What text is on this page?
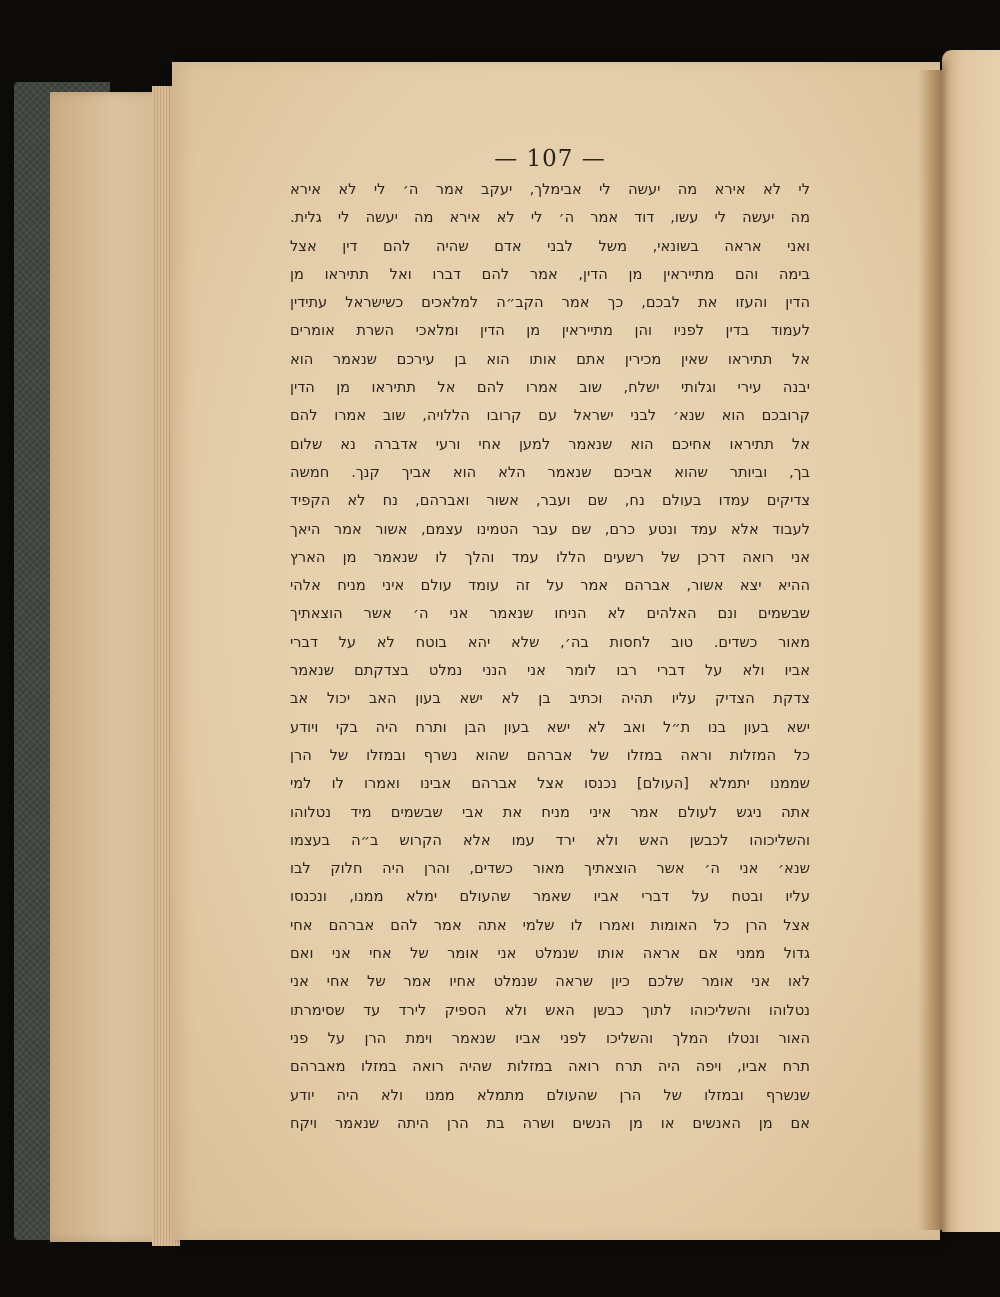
— 107 —
לי לא אירא מה יעשה לי אבימלך, יעקב אמר ה׳ לי לא אירא
מה יעשה לי עשו, דוד אמר ה׳ לי לא אירא מה יעשה לי גלית.
ואני אראה בשונאי, משל לבני אדם שהיה להם דין אצל
בימה והם מתייראין מן הדין, אמר להם דברו ואל תתיראו מן
הדין והעזו את לבכם, כך אמר הקב״ה למלאכים כשישראל עתידין
לעמוד בדין לפניו והן מתייראין מן הדין ומלאכי השרת אומרים
אל תתיראו שאין מכירין אתם אותו הוא בן עירכם שנאמר הוא
יבנה עירי וגלותי ישלח, שוב אמרו להם אל תתיראו מן הדין
קרובכם הוא שנא׳ לבני ישראל עם קרובו הללויה, שוב אמרו להם
אל תתיראו אחיכם הוא שנאמר למען אחי ורעי אדברה נא שלום
בך, וביותר שהוא אביכם שנאמר הלא הוא אביך קנך. חמשה
צדיקים עמדו בעולם נח, שם ועבר, אשור ואברהם, נח לא הקפיד
לעבוד אלא עמד ונטע כרם, שם עבר הטמינו עצמם, אשור אמר היאך
אני רואה דרכן של רשעים הללו עמד והלך לו שנאמר מן הארץ
ההיא יצא אשור, אברהם אמר על זה עומד עולם איני מניח אלהי
שבשמים ונם האלהים לא הניחו שנאמר אני ה׳ אשר הוצאתיך
מאור כשדים. טוב לחסות בה׳, שלא יהא בוטח לא על דברי
אביו ולא על דברי רבו לומר אני הנני נמלט בצדקתם שנאמר
צדקת הצדיק עליו תהיה וכתיב בן לא ישא בעון האב יכול אב
ישא בעון בנו ת״ל ואב לא ישא בעון הבן ותרח היה בקי ויודע
כל המזלות וראה במזלו של אברהם שהוא נשרף ובמזלו של הרן
שממנו יתמלא [העולם] נכנסו אצל אברהם אבינו ואמרו לו למי
אתה ניגש לעולם אמר איני מניח את אבי שבשמים מיד נטלוהו
והשליכוהו לכבשן האש ולא ירד עמו אלא הקרוש ב״ה בעצמו
שנא׳ אני ה׳ אשר הוצאתיך מאור כשדים, והרן היה חלוק לבו
עליו ובטח על דברי אביו שאמר שהעולם ימלא ממנו, ונכנסו
אצל הרן כל האומות ואמרו לו שלמי אתה אמר להם אברהם אחי
גדול ממני אם אראה אותו שנמלט אני אומר של אחי אני ואם
לאו אני אומר שלכם כיון שראה שנמלט אחיו אמר של אחי אני
נטלוהו והשליכוהו לתוך כבשן האש ולא הספיק לירד עד שסימרתו
האור ונטלו המלך והשליכו לפני אביו שנאמר וימת הרן על פני
תרח אביו, ויפה היה תרח רואה במזלות שהיה רואה במזלו מאברהם
שנשרף ובמזלו של הרן שהעולם מתמלא ממנו ולא היה יודע
אם מן האנשים או מן הנשים ושרה בת הרן היתה שנאמר ויקח
